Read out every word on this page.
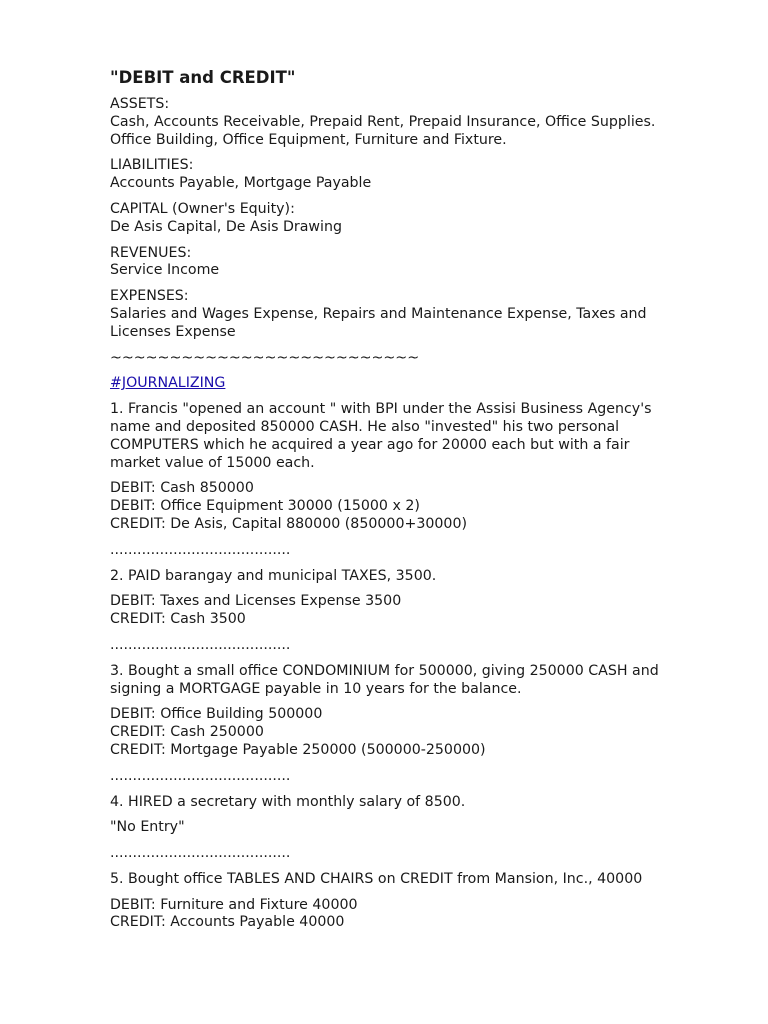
"DEBIT and CREDIT"
ASSETS:
Cash, Accounts Receivable, Prepaid Rent, Prepaid Insurance, Office Supplies.
Office Building, Office Equipment, Furniture and Fixture.
LIABILITIES:
Accounts Payable, Mortgage Payable
CAPITAL (Owner's Equity):
De Asis Capital, De Asis Drawing
REVENUES:
Service Income
EXPENSES:
Salaries and Wages Expense, Repairs and Maintenance Expense, Taxes and Licenses Expense
~~~~~~~~~~~~~~~~~~~~~~~~~~
#JOURNALIZING
1. Francis "opened an account " with BPI under the Assisi Business Agency's name and deposited 850000 CASH. He also "invested" his two personal COMPUTERS which he acquired a year ago for 20000 each but with a fair market value of 15000 each.
DEBIT: Cash 850000
DEBIT: Office Equipment 30000 (15000 x 2)
CREDIT: De Asis, Capital 880000 (850000+30000)
........................................
2. PAID barangay and municipal TAXES, 3500.
DEBIT: Taxes and Licenses Expense 3500
CREDIT: Cash 3500
........................................
3. Bought a small office CONDOMINIUM for 500000, giving 250000 CASH and signing a MORTGAGE payable in 10 years for the balance.
DEBIT: Office Building 500000
CREDIT: Cash 250000
CREDIT: Mortgage Payable 250000 (500000-250000)
........................................
4. HIRED a secretary with monthly salary of 8500.
"No Entry"
........................................
5. Bought office TABLES AND CHAIRS on CREDIT from Mansion, Inc., 40000
DEBIT: Furniture and Fixture 40000
CREDIT: Accounts Payable 40000
